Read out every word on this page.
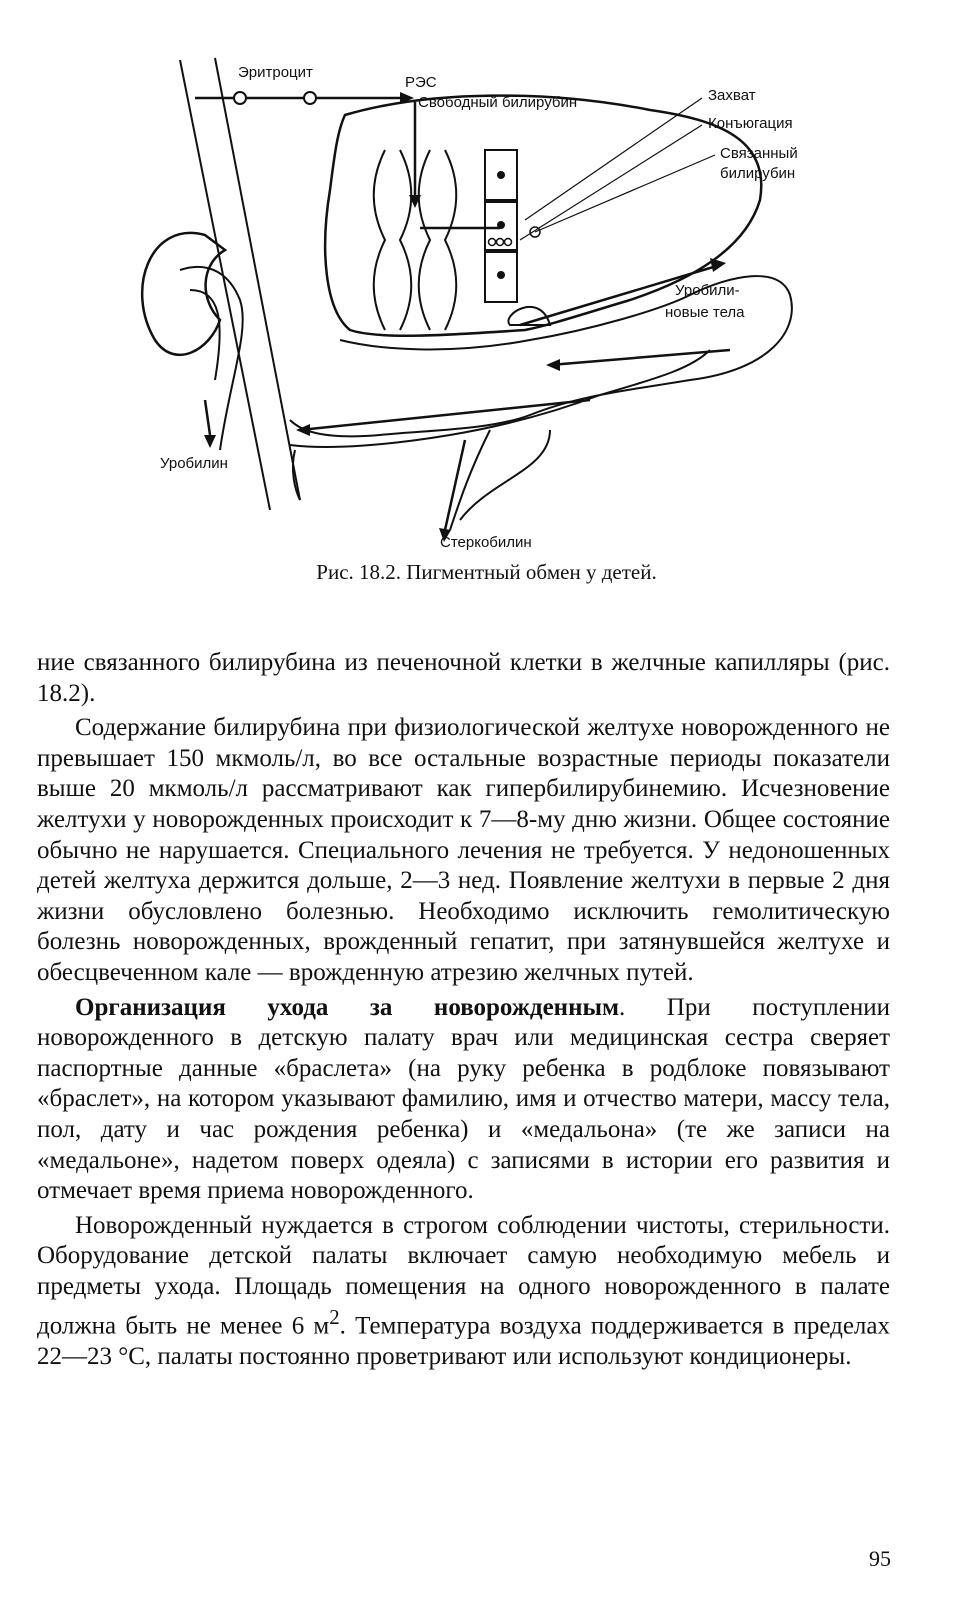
Эритроцит
РЭС
Свободный билирубин	Захват
Конъюгация
Связанный
билирубин
Уробили-
новые тела
Уробилин
Стеркобилин
Рис. 18.2. Пигментный обмен у детей.

ние связанного билирубина из печеночной клетки в желчные капилляры (рис. 18.2).

Содержание билирубина при физиологической желтухе новорожденного не превышает 150 мкмоль/л, во все остальные возрастные периоды показатели выше 20 мкмоль/л рассматривают как гипербилирубинемию. Исчезновение желтухи у новорожденных происходит к 7—8-му дню жизни. Общее состояние обычно не нарушается. Специального лечения не требуется. У недоношенных детей желтуха держится дольше, 2—3 нед. Появление желтухи в первые 2 дня жизни обусловлено болезнью. Необходимо исключить гемолитическую болезнь новорожденных, врожденный гепатит, при затянувшейся желтухе и обесцвеченном кале — врожденную атрезию желчных путей.

Организация ухода за новорожденным. При поступлении новорожденного в детскую палату врач или медицинская сестра сверяет паспортные данные «браслета» (на руку ребенка в родблоке повязывают «браслет», на котором указывают фамилию, имя и отчество матери, массу тела, пол, дату и час рождения ребенка) и «медальона» (те же записи на «медальоне», надетом поверх одеяла) с записями в истории его развития и отмечает время приема новорожденного.

Новорожденный нуждается в строгом соблюдении чистоты, стерильности. Оборудование детской палаты включает самую необходимую мебель и предметы ухода. Площадь помещения на одного новорожденного в палате должна быть не менее 6 $м^2$. Температура воздуха поддерживается в пределах 22—23 °С, палаты постоянно проветривают или используют кондиционеры.

95
